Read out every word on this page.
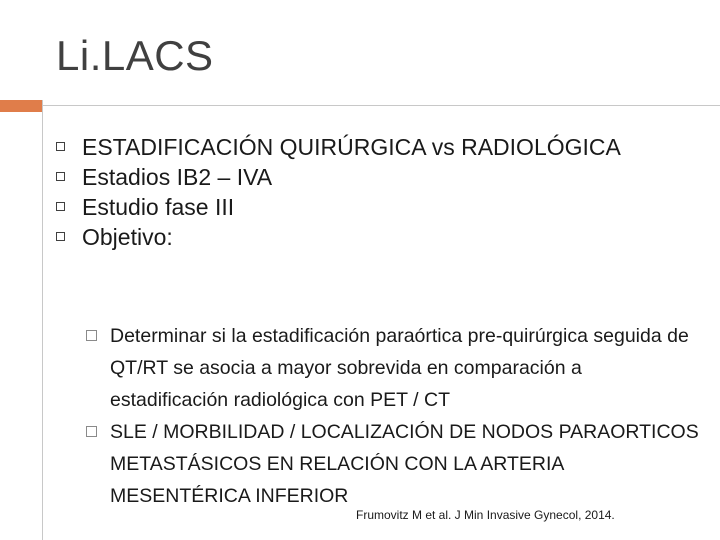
Li.LACS
ESTADIFICACIÓN QUIRÚRGICA vs RADIOLÓGICA
Estadios IB2 – IVA
Estudio fase III
Objetivo:
Determinar si la estadificación paraórtica pre-quirúrgica seguida de QT/RT se asocia a mayor sobrevida en comparación a estadificación radiológica con PET / CT
SLE / MORBILIDAD / LOCALIZACIÓN DE NODOS PARAORTICOS METASTÁSICOS EN RELACIÓN CON LA ARTERIA MESENTÉRICA INFERIOR
Frumovitz M et al. J Min Invasive Gynecol, 2014.
